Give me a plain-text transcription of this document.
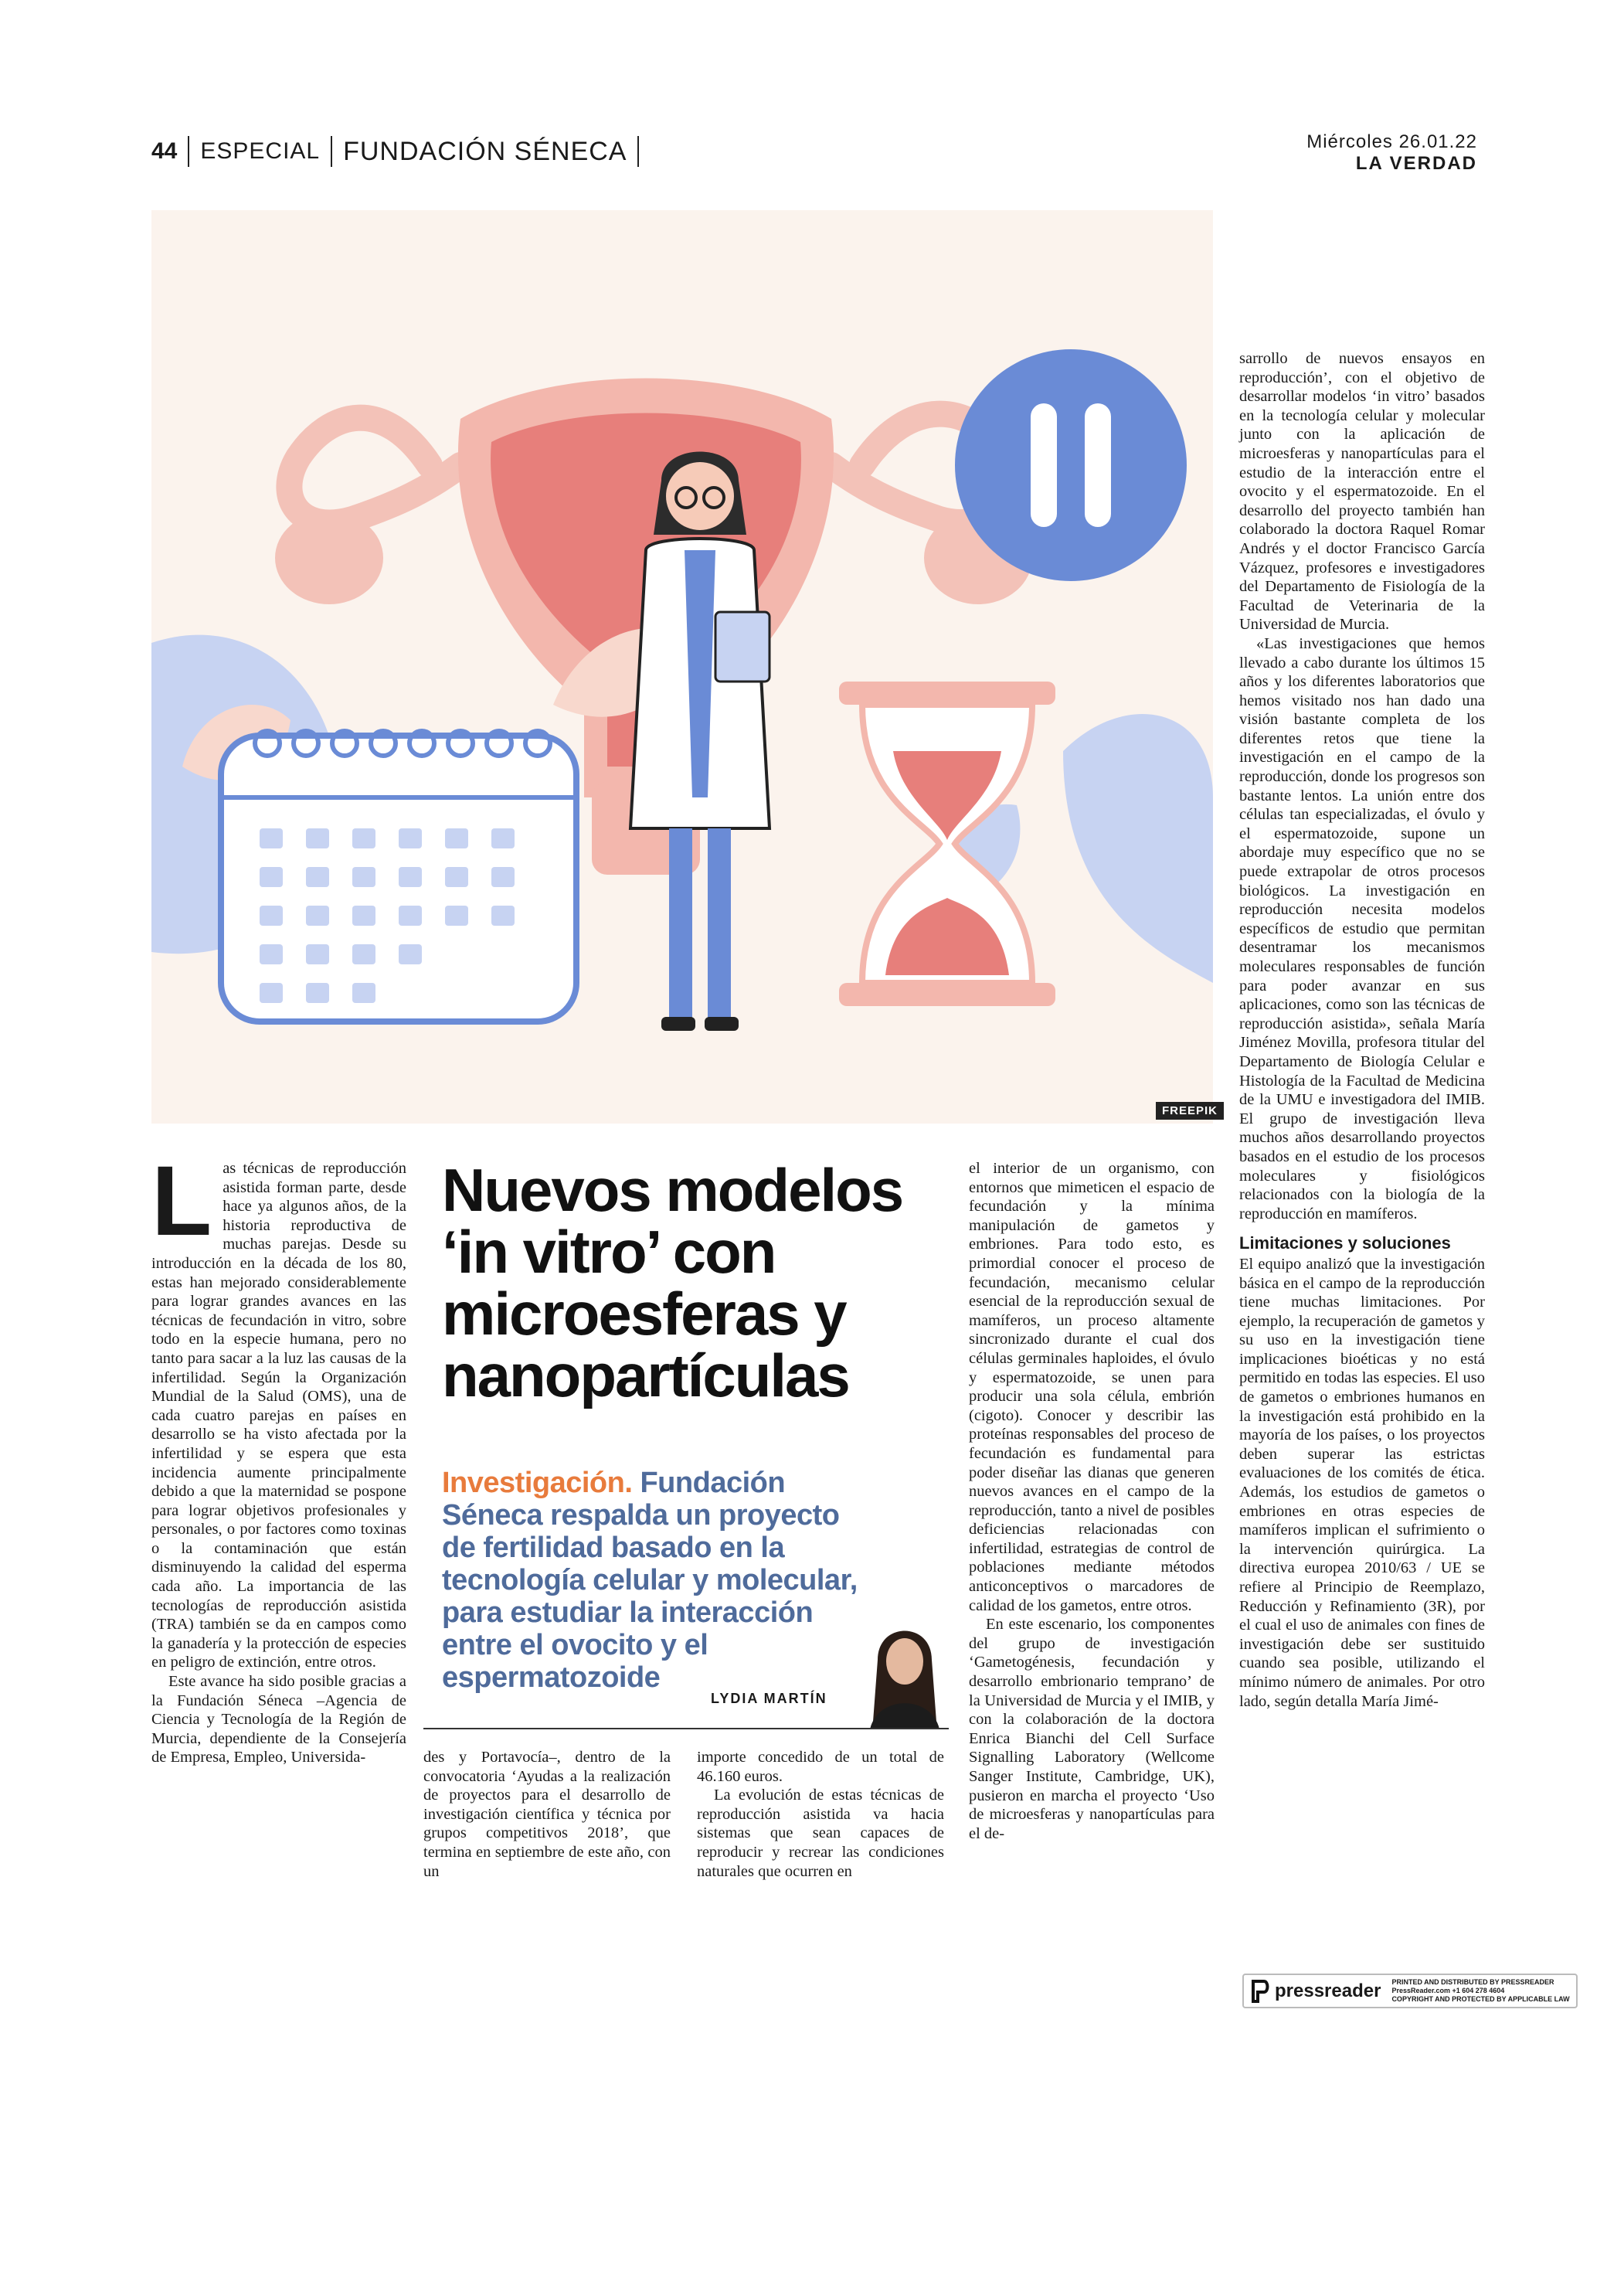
44 ESPECIAL FUNDACIÓN SÉNECA	Miércoles 26.01.22
LA VERDAD
FREEPIK
L as técnicas de reproducción asistida forman parte, desde hace ya algunos años, de la historia reproductiva de muchas parejas. Desde su introducción en la década de los 80, estas han mejorado considerablemente para lograr grandes avances en las técnicas de fecundación in vitro, sobre todo en la especie humana, pero no tanto para sacar a la luz las causas de la infertilidad. Según la Organización Mundial de la Salud (OMS), una de cada cuatro parejas en países en desarrollo se ha visto afectada por la infertilidad y se espera que esta incidencia aumente principalmente debido a que la maternidad se pospone para lograr objetivos profesionales y personales, o por factores como toxinas o la contaminación que están disminuyendo la calidad del esperma cada año. La importancia de las tecnologías de reproducción asistida (TRA) también se da en campos como la ganadería y la protección de especies en peligro de extinción, entre otros.

Este avance ha sido posible gracias a la Fundación Séneca –Agencia de Ciencia y Tecnología de la Región de Murcia, dependiente de la Consejería de Empresa, Empleo, Universida-

Nuevos modelos ‘in vitro’ con microesferas y nanopartículas
Investigación. Fundación Séneca respalda un proyecto de fertilidad basado en la tecnología celular y molecular, para estudiar la interacción entre el ovocito y el espermatozoide
LYDIA MARTÍN

des y Portavocía–, dentro de la convocatoria ‘Ayudas a la realización de proyectos para el desarrollo de investigación científica y técnica por grupos competitivos 2018’, que termina en septiembre de este año, con un

importe concedido de un total de 46.160 euros.

La evolución de estas técnicas de reproducción asistida va hacia sistemas que sean capaces de reproducir y recrear las condiciones naturales que ocurren en

el interior de un organismo, con entornos que mimeticen el espacio de fecundación y la mínima manipulación de gametos y embriones. Para todo esto, es primordial conocer el proceso de fecundación, mecanismo celular esencial de la reproducción sexual de mamíferos, un proceso altamente sincronizado durante el cual dos células germinales haploides, el óvulo y espermatozoide, se unen para producir una sola célula, embrión (cigoto). Conocer y describir las proteínas responsables del proceso de fecundación es fundamental para poder diseñar las dianas que generen nuevos avances en el campo de la reproducción, tanto a nivel de posibles deficiencias relacionadas con infertilidad, estrategias de control de poblaciones mediante métodos anticonceptivos o marcadores de calidad de los gametos, entre otros.

En este escenario, los componentes del grupo de investigación ‘Gametogénesis, fecundación y desarrollo embrionario temprano’ de la Universidad de Murcia y el IMIB, y con la colaboración de la doctora Enrica Bianchi del Cell Surface Signalling Laboratory (Wellcome Sanger Institute, Cambridge, UK), pusieron en marcha el proyecto ‘Uso de microesferas y nanopartículas para el de-

sarrollo de nuevos ensayos en reproducción’, con el objetivo de desarrollar modelos ‘in vitro’ basados en la tecnología celular y molecular junto con la aplicación de microesferas y nanopartículas para el estudio de la interacción entre el ovocito y el espermatozoide. En el desarrollo del proyecto también han colaborado la doctora Raquel Romar Andrés y el doctor Francisco García Vázquez, profesores e investigadores del Departamento de Fisiología de la Facultad de Veterinaria de la Universidad de Murcia.

«Las investigaciones que hemos llevado a cabo durante los últimos 15 años y los diferentes laboratorios que hemos visitado nos han dado una visión bastante completa de los diferentes retos que tiene la investigación en el campo de la reproducción, donde los progresos son bastante lentos. La unión entre dos células tan especializadas, el óvulo y el espermatozoide, supone un abordaje muy específico que no se puede extrapolar de otros procesos biológicos. La investigación en reproducción necesita modelos específicos de estudio que permitan desentramar los mecanismos moleculares responsables de función para poder avanzar en sus aplicaciones, como son las técnicas de reproducción asistida», señala María Jiménez Movilla, profesora titular del Departamento de Biología Celular e Histología de la Facultad de Medicina de la UMU e investigadora del IMIB. El grupo de investigación lleva muchos años desarrollando proyectos basados en el estudio de los procesos moleculares y fisiológicos relacionados con la biología de la reproducción en mamíferos.

Limitaciones y soluciones

El equipo analizó que la investigación básica en el campo de la reproducción tiene muchas limitaciones. Por ejemplo, la recuperación de gametos y su uso en la investigación tiene implicaciones bioéticas y no está permitido en todas las especies. El uso de gametos o embriones humanos en la investigación está prohibido en la mayoría de los países, o los proyectos deben superar las estrictas evaluaciones de los comités de ética. Además, los estudios de gametos o embriones en otras especies de mamíferos implican el sufrimiento o la intervención quirúrgica. La directiva europea 2010/63 / UE se refiere al Principio de Reemplazo, Reducción y Refinamiento (3R), por el cual el uso de animales con fines de investigación debe ser sustituido cuando sea posible, utilizando el mínimo número de animales. Por otro lado, según detalla María Jimé-

pressreader PRINTED AND DISTRIBUTED BY PRESSREADER
PressReader.com +1 604 278 4604
COPYRIGHT AND PROTECTED BY APPLICABLE LAW
